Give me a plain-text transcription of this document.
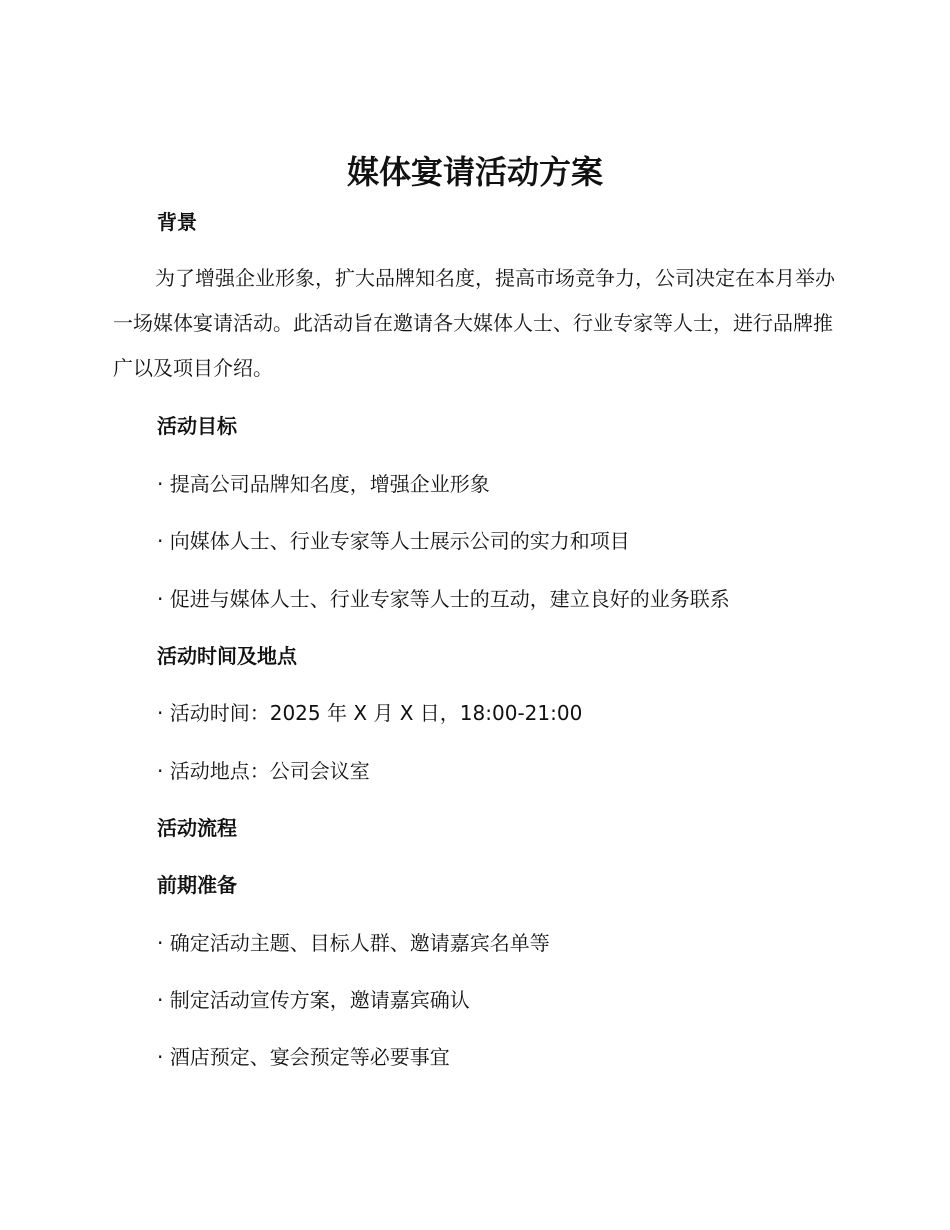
媒体宴请活动方案
背景

为了增强企业形象，扩大品牌知名度，提高市场竞争力，公司决定在本月举办一场媒体宴请活动。此活动旨在邀请各大媒体人士、行业专家等人士，进行品牌推广以及项目介绍。

活动目标

· 提高公司品牌知名度，增强企业形象

· 向媒体人士、行业专家等人士展示公司的实力和项目

· 促进与媒体人士、行业专家等人士的互动，建立良好的业务联系

活动时间及地点

· 活动时间：2025 年 X 月 X 日，18:00-21:00

· 活动地点：公司会议室

活动流程
前期准备

· 确定活动主题、目标人群、邀请嘉宾名单等

· 制定活动宣传方案，邀请嘉宾确认

· 酒店预定、宴会预定等必要事宜
